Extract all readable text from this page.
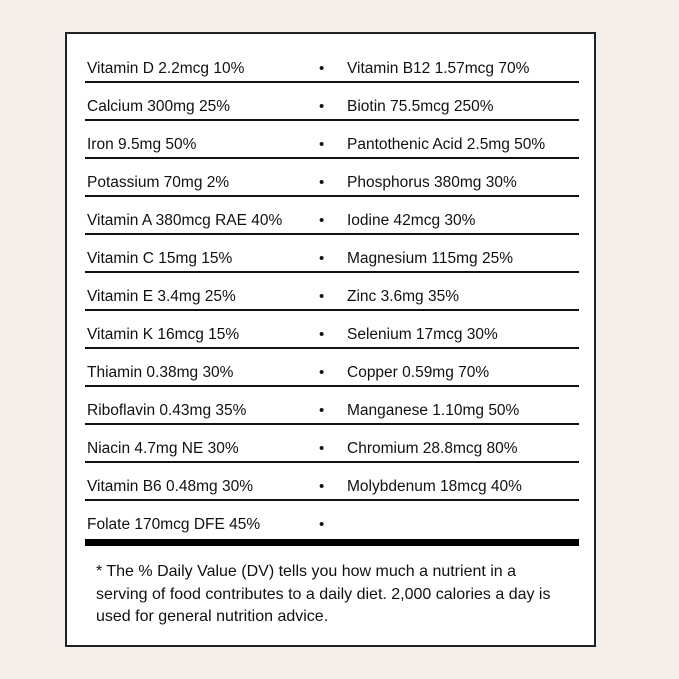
Vitamin D 2.2mcg 10%	• Vitamin B12 1.57mcg 70%
Calcium 300mg 25%	• Biotin 75.5mcg 250%
Iron 9.5mg 50%	• Pantothenic Acid 2.5mg 50%
Potassium 70mg 2%	• Phosphorus 380mg 30%
Vitamin A 380mcg RAE 40% • Iodine 42mcg 30%
Vitamin C 15mg 15%	• Magnesium 115mg 25%
Vitamin E 3.4mg 25%	• Zinc 3.6mg 35%
Vitamin K 16mcg 15%	• Selenium 17mcg 30%
Thiamin 0.38mg 30%	• Copper 0.59mg 70%
Riboflavin 0.43mg 35%	• Manganese 1.10mg 50%
Niacin 4.7mg NE 30%	• Chromium 28.8mcg 80%
Vitamin B6 0.48mg 30%	• Molybdenum 18mcg 40%
Folate 170mcg DFE 45%	•
* The % Daily Value (DV) tells you how much a nutrient in a serving of food contributes to a daily diet. 2,000 calories a day is used for general nutrition advice.
